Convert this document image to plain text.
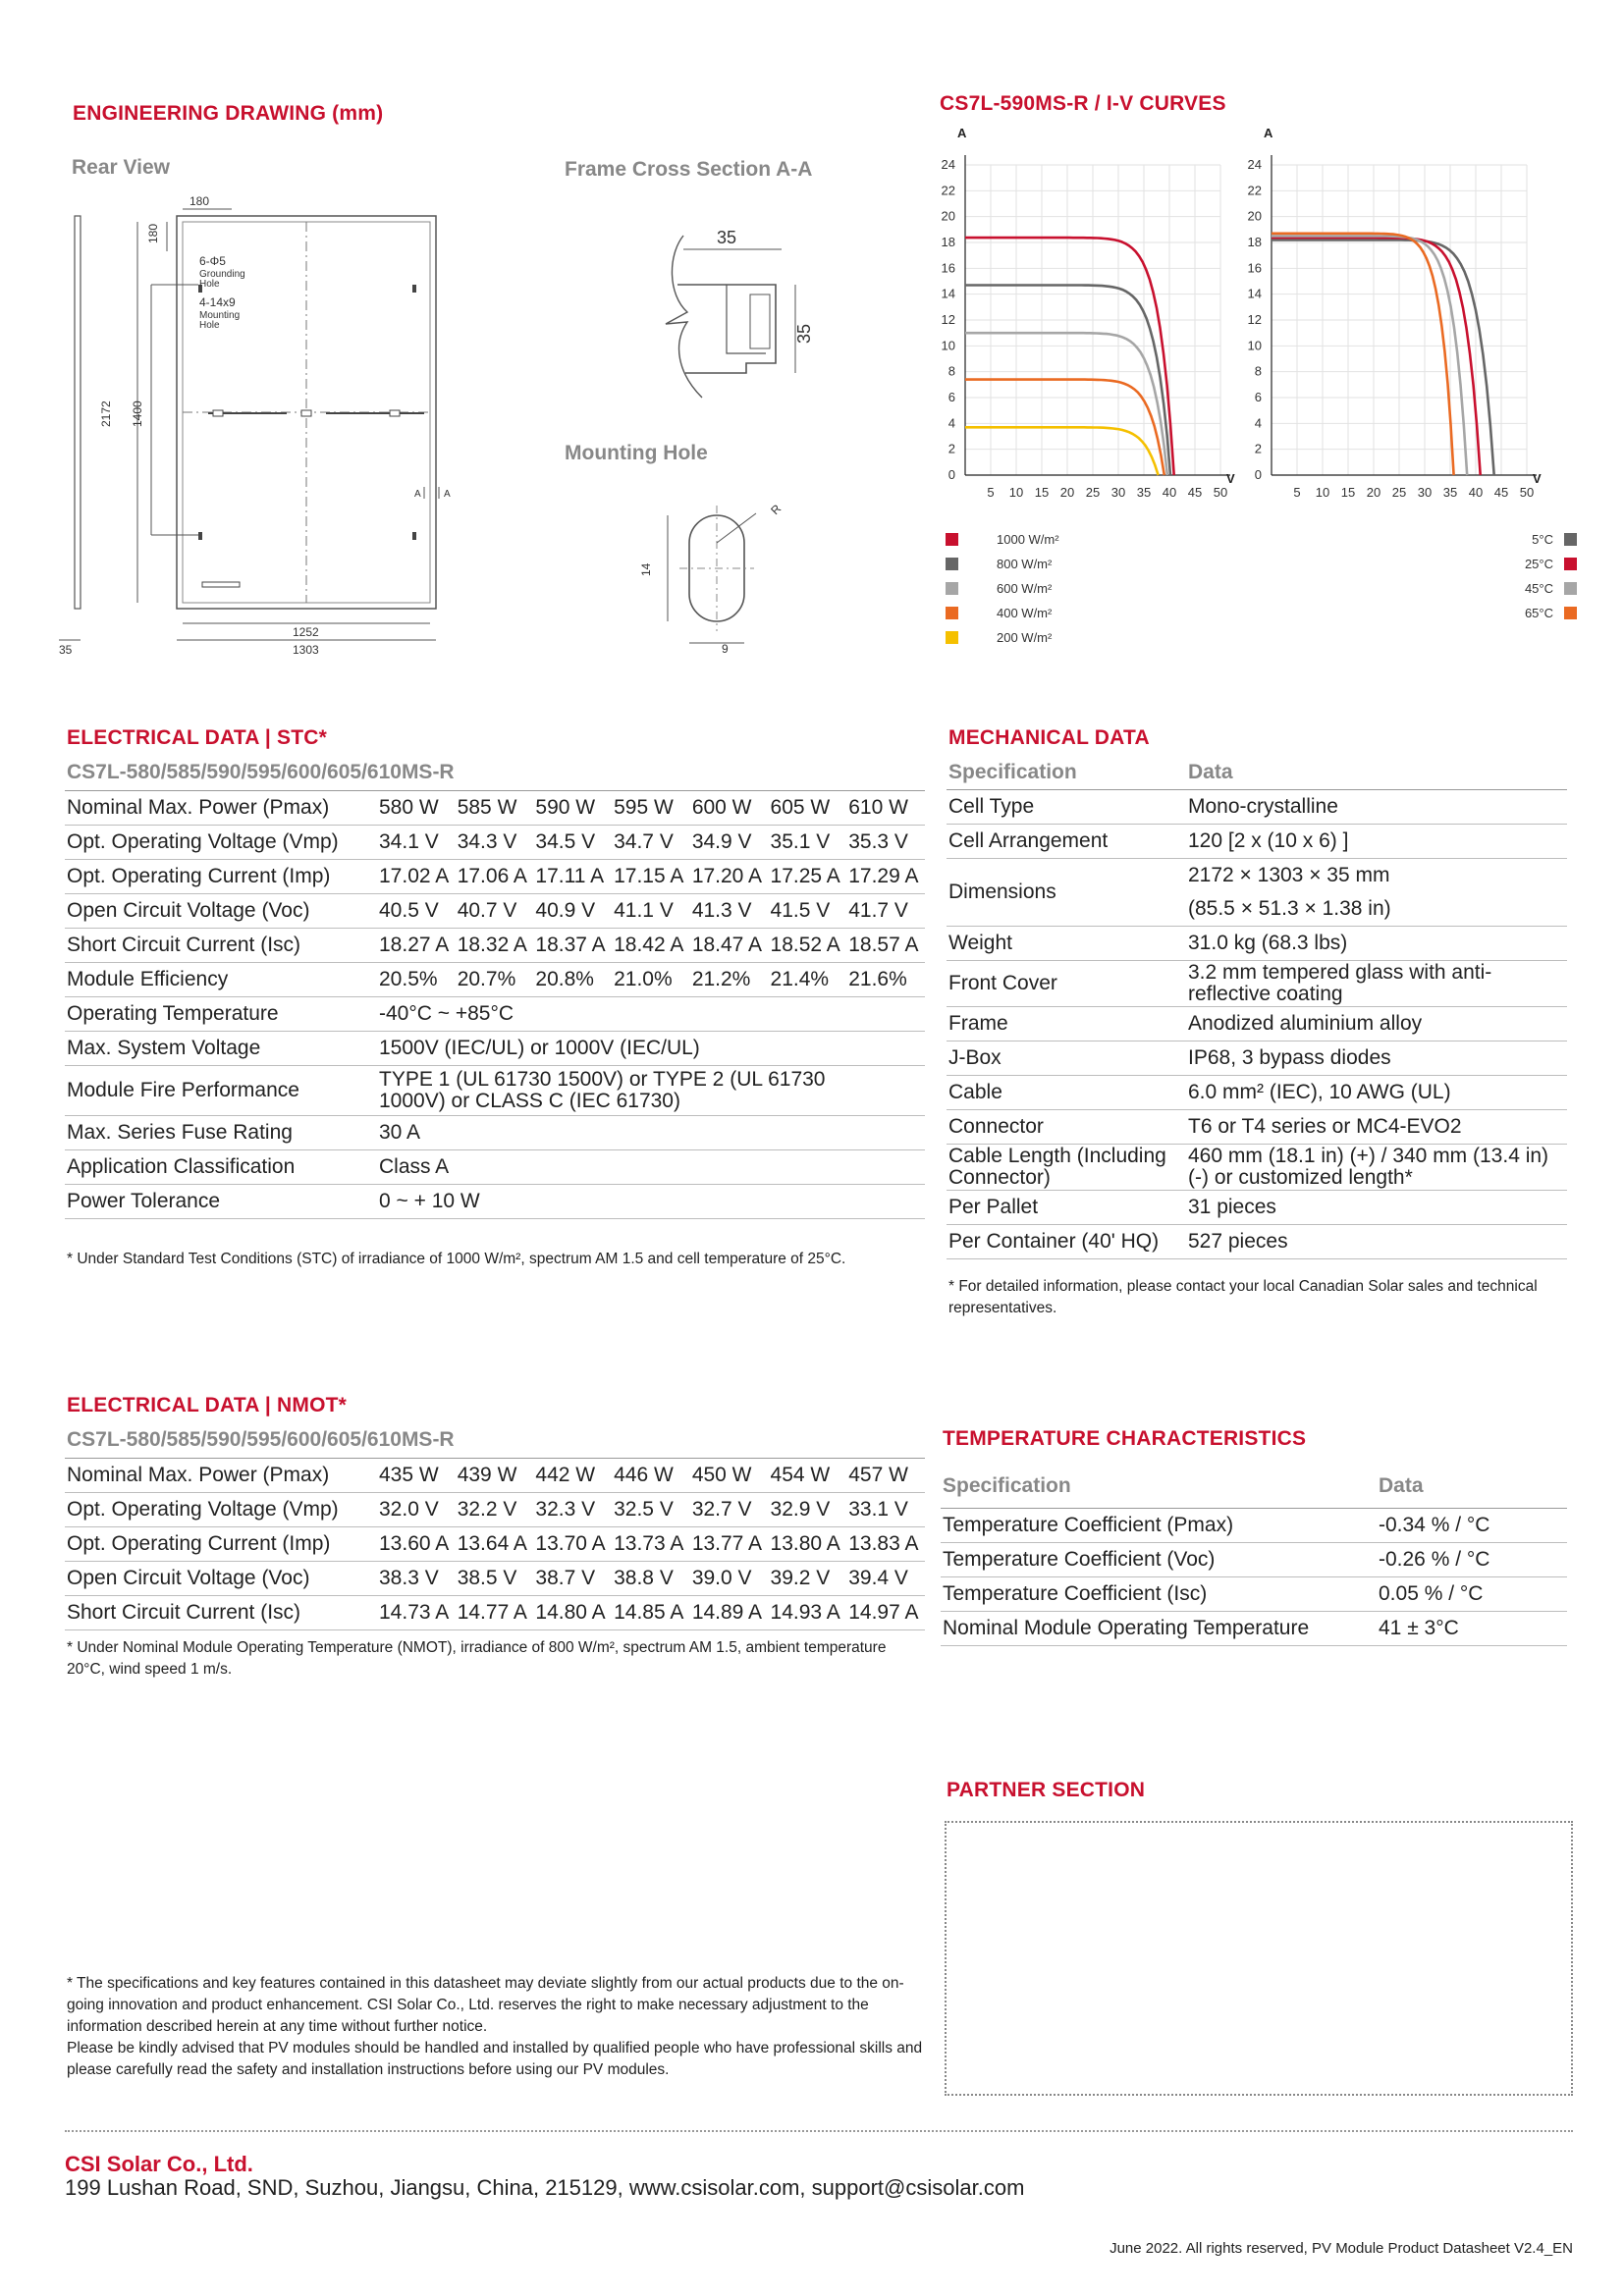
ENGINEERING DRAWING (mm)
Rear View	Frame Cross Section A-A
Mounting Hole
180
180
2172 1400
6-Φ5
Grounding
Hole
4-14x9
Mounting
Hole
A A
1252
1303
35
35
35
R
14
9
CS7L-590MS-R / I-V CURVES
0
2
4
6
8
10
12
14
16
18
20
22
24
5 10 15 20 25 30 35 40 45 50
A
V 0
2
4
6
8
10
12
14
16
18
20
22
24
5 10 15 20 25 30 35 40 45 50
A
V
ELECTRICAL DATA | STC*
CS7L-580/585/590/595/600/605/610MS-R
Nominal Max. Power (Pmax)	580 W	585 W	590 W	595 W	600 W	605 W	610 W
Opt. Operating Voltage (Vmp)	34.1 V	34.3 V	34.5 V	34.7 V	34.9 V	35.1 V	35.3 V
Opt. Operating Current (Imp)	17.02 A	17.06 A	17.11 A	17.15 A	17.20 A	17.25 A	17.29 A
Open Circuit Voltage (Voc)	40.5 V	40.7 V	40.9 V	41.1 V	41.3 V	41.5 V	41.7 V
Short Circuit Current (Isc)	18.27 A	18.32 A	18.37 A	18.42 A	18.47 A	18.52 A	18.57 A
Module Efficiency	20.5%	20.7%	20.8%	21.0%	21.2%	21.4%	21.6%
Operating Temperature	-40°C ~ +85°C						
Max. System Voltage	1500V (IEC/UL) or 1000V (IEC/UL)						
Module Fire Performance	TYPE 1 (UL 61730 1500V) or TYPE 2 (UL 61730 1000V) or CLASS C (IEC 61730)						
Max. Series Fuse Rating	30 A						
Application Classification	Class A						
Power Tolerance	0 ~ + 10 W						
* Under Standard Test Conditions (STC) of irradiance of 1000 W/m², spectrum AM 1.5 and cell temperature of 25°C.
MECHANICAL DATA
Specification	Data
Cell Type	Mono-crystalline

Cell Arrangement	120 [2 x (10 x 6) ]

Dimensions	2172 × 1303 × 35 mm
(85.5 × 51.3 × 1.38 in)

Weight	31.0 kg (68.3 lbs)

Front Cover	3.2 mm tempered glass with anti-reflective coating

Frame	Anodized aluminium alloy

J-Box	IP68, 3 bypass diodes

Cable	6.0 mm² (IEC), 10 AWG (UL)

Connector	T6 or T4 series or MC4-EVO2

Cable Length (Including Connector)	460 mm (18.1 in) (+) / 340 mm (13.4 in) (-) or customized length*

Per Pallet	31 pieces

Per Container (40' HQ)	527 pieces
* For detailed information, please contact your local Canadian Solar sales and technical representatives.
ELECTRICAL DATA | NMOT*
CS7L-580/585/590/595/600/605/610MS-R
Nominal Max. Power (Pmax)	435 W	439 W	442 W	446 W	450 W	454 W	457 W
Opt. Operating Voltage (Vmp)	32.0 V	32.2 V	32.3 V	32.5 V	32.7 V	32.9 V	33.1 V
Opt. Operating Current (Imp)	13.60 A	13.64 A	13.70 A	13.73 A	13.77 A	13.80 A	13.83 A
Open Circuit Voltage (Voc)	38.3 V	38.5 V	38.7 V	38.8 V	39.0 V	39.2 V	39.4 V
Short Circuit Current (Isc)	14.73 A	14.77 A	14.80 A	14.85 A	14.89 A	14.93 A	14.97 A
* Under Nominal Module Operating Temperature (NMOT), irradiance of 800 W/m², spectrum AM 1.5, ambient temperature 20°C, wind speed 1 m/s.
TEMPERATURE CHARACTERISTICS
Specification	Data
Temperature Coefficient (Pmax)	-0.34 % / °C
Temperature Coefficient (Voc)	-0.26 % / °C
Temperature Coefficient (Isc)	0.05 % / °C
Nominal Module Operating Temperature	41 ± 3°C
PARTNER SECTION
* The specifications and key features contained in this datasheet may deviate slightly from our actual products due to the on-going innovation and product enhancement. CSI Solar Co., Ltd. reserves the right to make necessary adjustment to the information described herein at any time without further notice.
Please be kindly advised that PV modules should be handled and installed by qualified people who have professional skills and please carefully read the safety and installation instructions before using our PV modules.
CSI Solar Co., Ltd.
199 Lushan Road, SND, Suzhou, Jiangsu, China, 215129, www.csisolar.com, support@csisolar.com
June 2022. All rights reserved, PV Module Product Datasheet V2.4_EN
1000 W/m²
800 W/m²
600 W/m²
400 W/m²
200 W/m²
5°C
25°C
45°C
65°C
